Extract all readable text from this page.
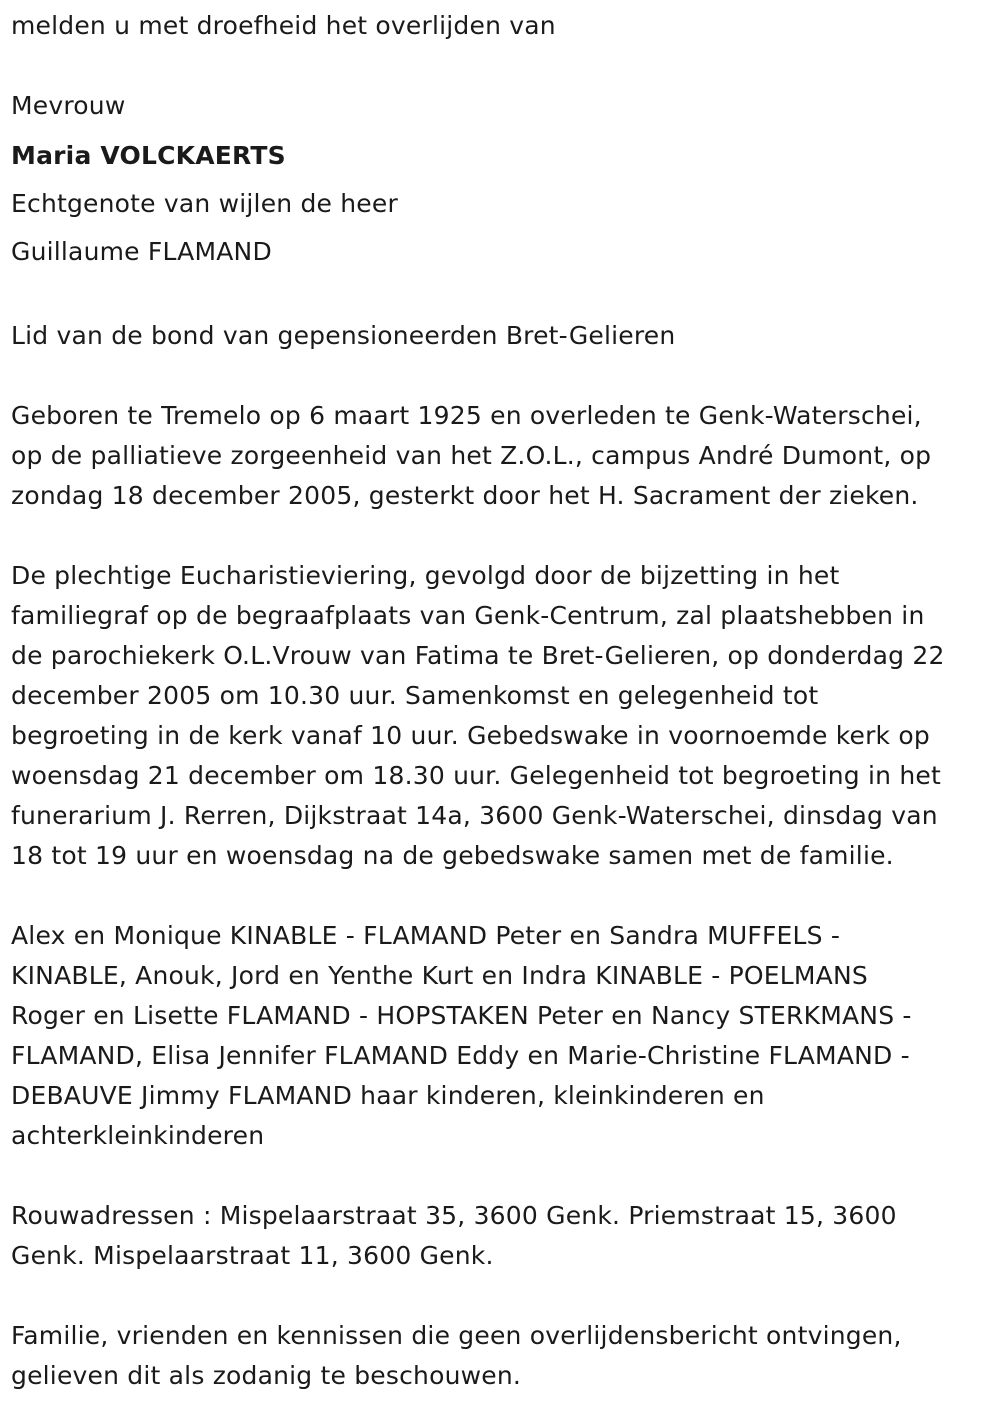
melden u met droefheid het overlijden van
Mevrouw
Maria VOLCKAERTS
Echtgenote van wijlen de heer
Guillaume FLAMAND
Lid van de bond van gepensioneerden Bret-Gelieren
Geboren te Tremelo op 6 maart 1925 en overleden te Genk-Waterschei,
op de palliatieve zorgeenheid van het Z.O.L., campus André Dumont, op
zondag 18 december 2005, gesterkt door het H. Sacrament der zieken.
De plechtige Eucharistieviering, gevolgd door de bijzetting in het
familiegraf op de begraafplaats van Genk-Centrum, zal plaatshebben in
de parochiekerk O.L.Vrouw van Fatima te Bret-Gelieren, op donderdag 22
december 2005 om 10.30 uur. Samenkomst en gelegenheid tot
begroeting in de kerk vanaf 10 uur. Gebedswake in voornoemde kerk op
woensdag 21 december om 18.30 uur. Gelegenheid tot begroeting in het
funerarium J. Rerren, Dijkstraat 14a, 3600 Genk-Waterschei, dinsdag van
18 tot 19 uur en woensdag na de gebedswake samen met de familie.
Alex en Monique KINABLE - FLAMAND Peter en Sandra MUFFELS -
KINABLE, Anouk, Jord en Yenthe Kurt en Indra KINABLE - POELMANS
Roger en Lisette FLAMAND - HOPSTAKEN Peter en Nancy STERKMANS -
FLAMAND, Elisa Jennifer FLAMAND Eddy en Marie-Christine FLAMAND -
DEBAUVE Jimmy FLAMAND haar kinderen, kleinkinderen en
achterkleinkinderen
Rouwadressen : Mispelaarstraat 35, 3600 Genk. Priemstraat 15, 3600
Genk. Mispelaarstraat 11, 3600 Genk.
Familie, vrienden en kennissen die geen overlijdensbericht ontvingen,
gelieven dit als zodanig te beschouwen.
